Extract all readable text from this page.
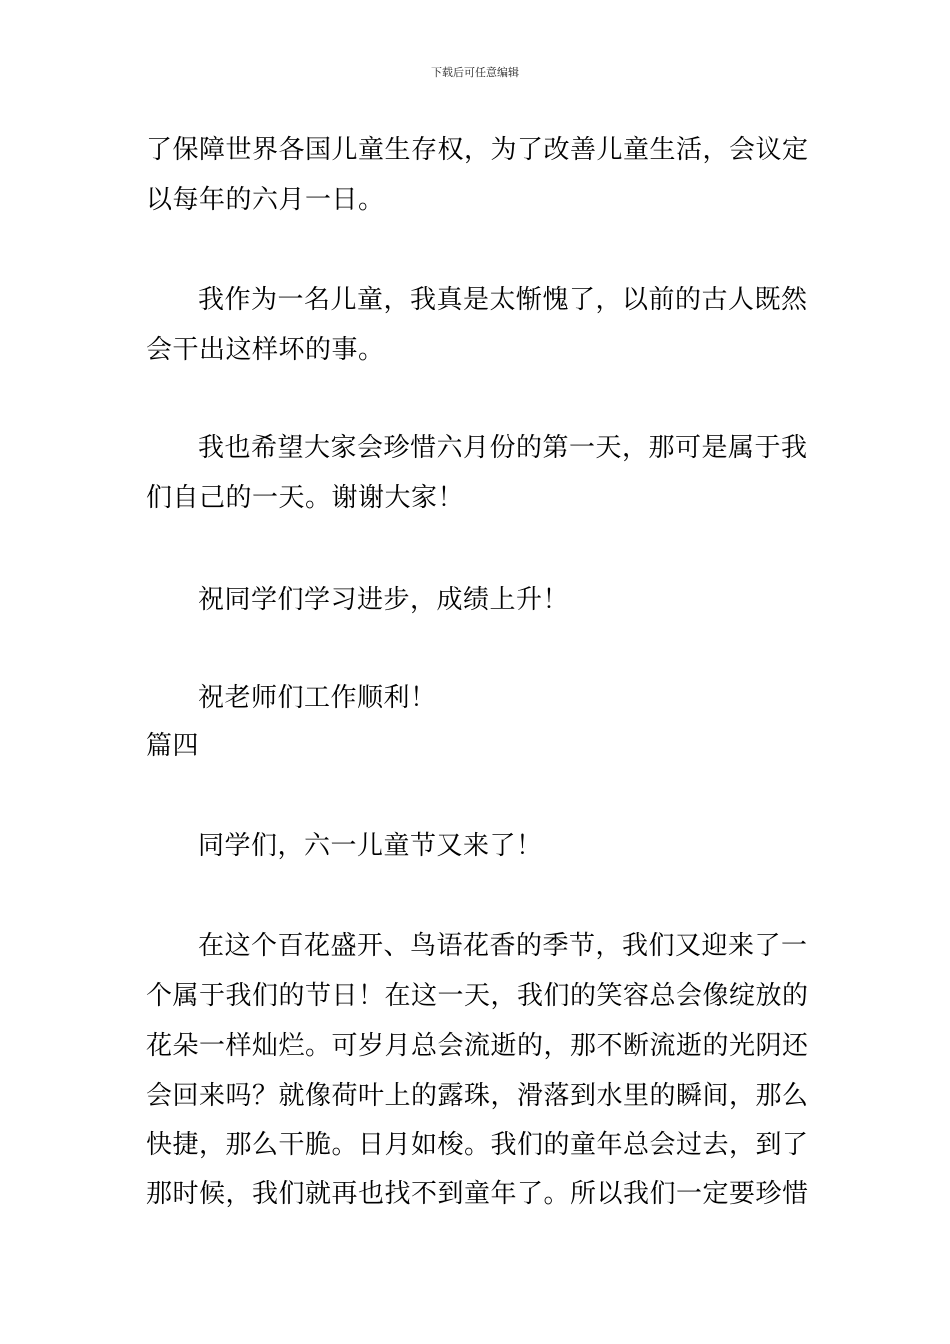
下载后可任意编辑
了保障世界各国儿童生存权，为了改善儿童生活，会议定
以每年的六月一日。
我作为一名儿童，我真是太惭愧了，以前的古人既然
会干出这样坏的事。
我也希望大家会珍惜六月份的第一天，那可是属于我
们自己的一天。谢谢大家！
祝同学们学习进步，成绩上升！
祝老师们工作顺利！
篇四
同学们，六一儿童节又来了！
在这个百花盛开、鸟语花香的季节，我们又迎来了一
个属于我们的节日！在这一天，我们的笑容总会像绽放的
花朵一样灿烂。可岁月总会流逝的，那不断流逝的光阴还
会回来吗？就像荷叶上的露珠，滑落到水里的瞬间，那么
快捷，那么干脆。日月如梭。我们的童年总会过去，到了
那时候，我们就再也找不到童年了。所以我们一定要珍惜
